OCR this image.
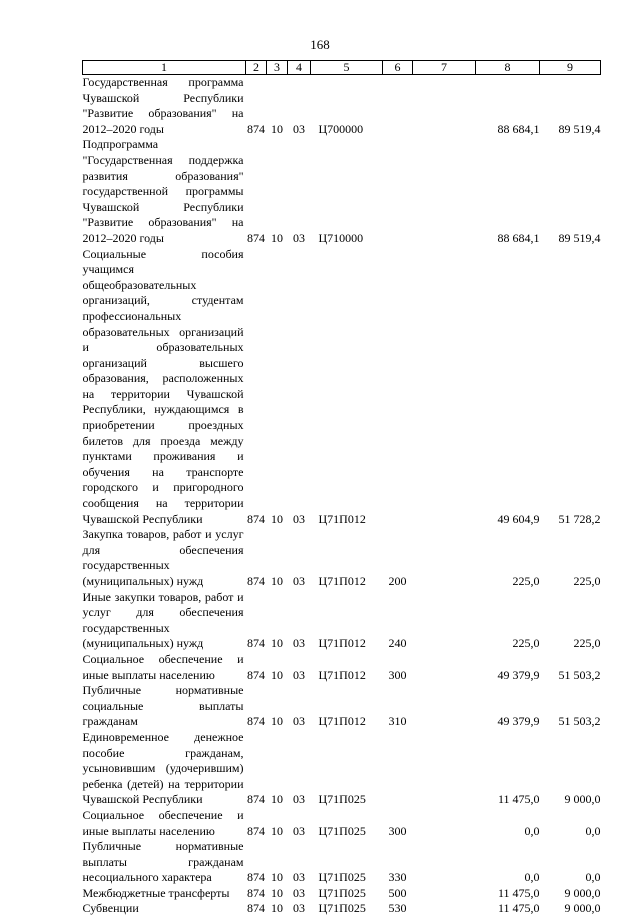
168
1	2	3	4	5	6	7	8	9
Государственная программа Чувашской Республики "Развитие образования" на 2012–2020 годы	874	10	03	Ц700000			88 684,1	89 519,4
Подпрограмма "Государственная поддержка развития образования" государственной программы Чувашской Республики "Развитие образования" на 2012–2020 годы	874	10	03	Ц710000			88 684,1	89 519,4
Социальные пособия учащимся общеобразовательных организаций, студентам профессиональных образовательных организаций и образовательных организаций высшего образования, расположенных на территории Чувашской Республики, нуждающимся в приобретении проездных билетов для проезда между пунктами проживания и обучения на транспорте городского и пригородного сообщения на территории Чувашской Республики	874	10	03	Ц71П012			49 604,9	51 728,2
Закупка товаров, работ и услуг для обеспечения государственных (муниципальных) нужд	874	10	03	Ц71П012	200		225,0	225,0
Иные закупки товаров, работ и услуг для обеспечения государственных (муниципальных) нужд	874	10	03	Ц71П012	240		225,0	225,0
Социальное обеспечение и иные выплаты населению	874	10	03	Ц71П012	300		49 379,9	51 503,2
Публичные нормативные социальные выплаты гражданам	874	10	03	Ц71П012	310		49 379,9	51 503,2
Единовременное денежное пособие гражданам, усыновившим (удочерившим) ребенка (детей) на территории Чувашской Республики	874	10	03	Ц71П025			11 475,0	9 000,0
Социальное обеспечение и иные выплаты населению	874	10	03	Ц71П025	300		0,0	0,0
Публичные нормативные выплаты гражданам несоциального характера	874	10	03	Ц71П025	330		0,0	0,0
Межбюджетные трансферты	874	10	03	Ц71П025	500		11 475,0	9 000,0
Субвенции	874	10	03	Ц71П025	530		11 475,0	9 000,0
